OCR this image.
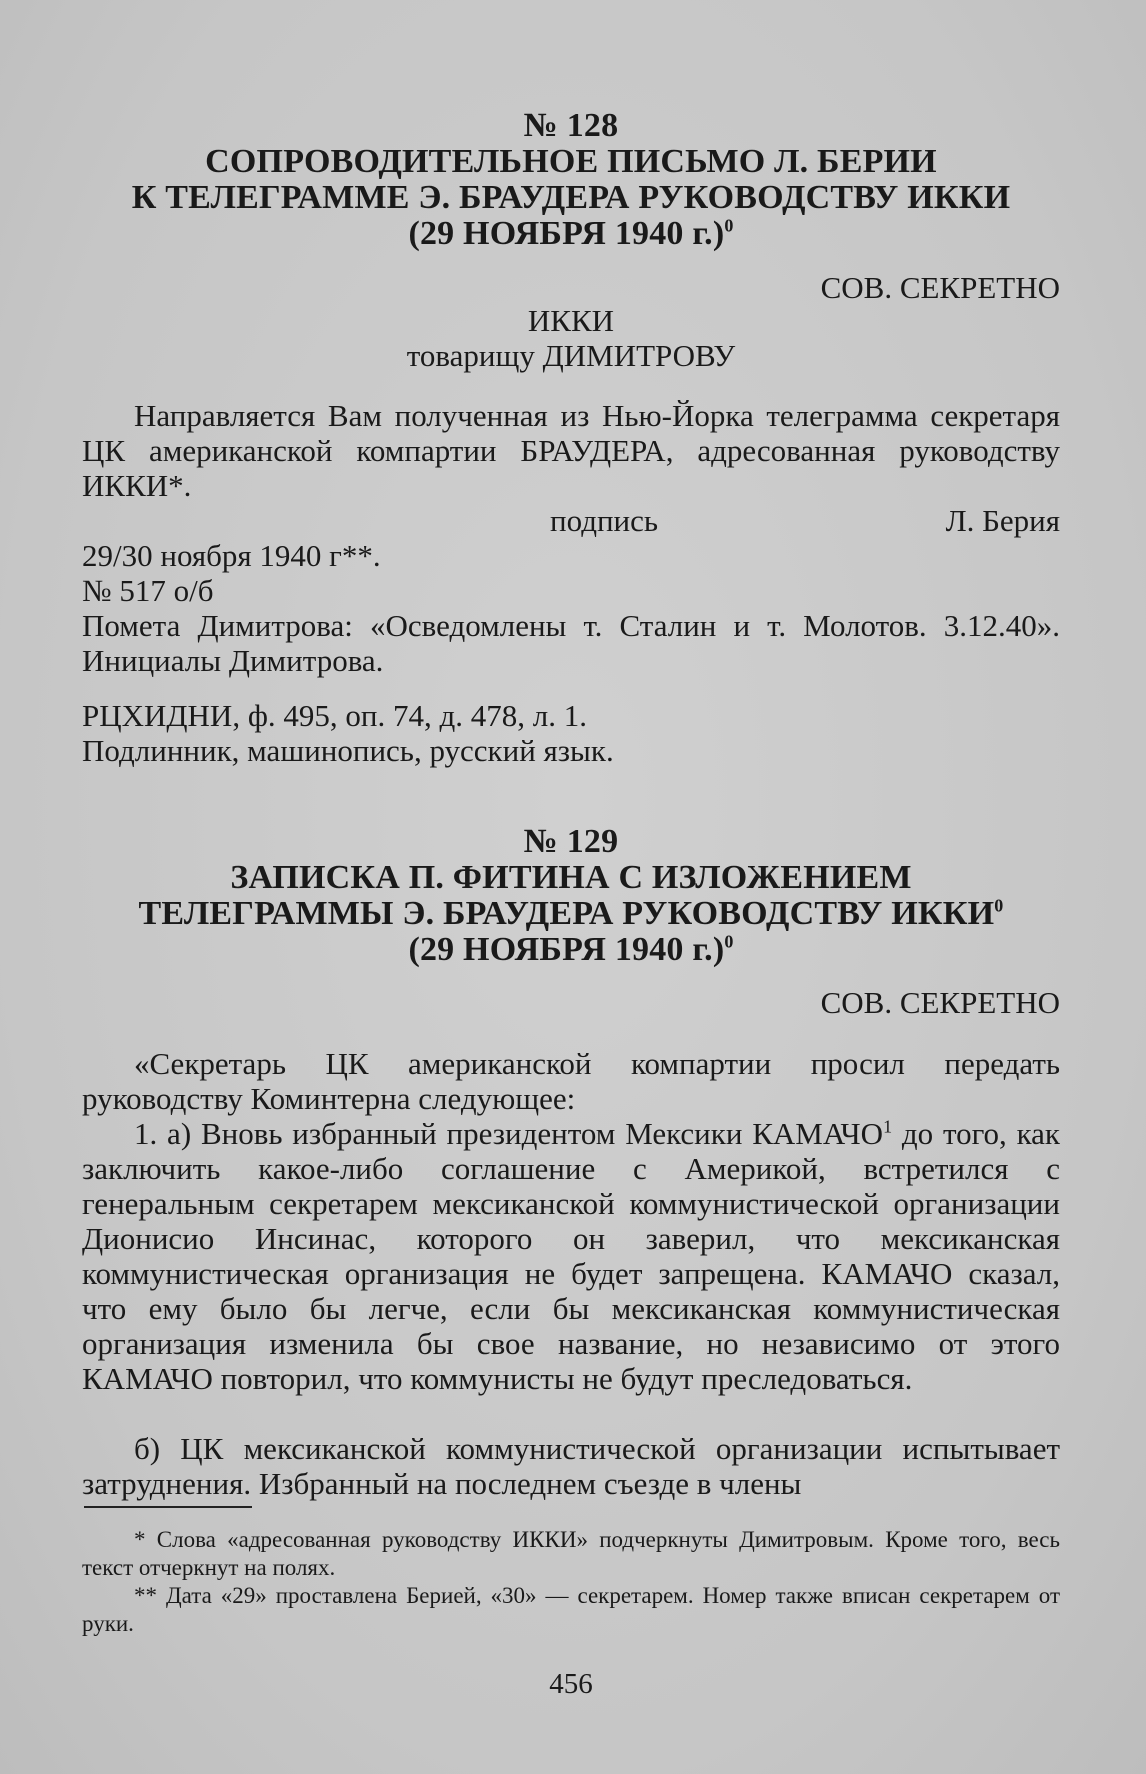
№ 128
СОПРОВОДИТЕЛЬНОЕ ПИСЬМО Л. БЕРИИ
К ТЕЛЕГРАММЕ Э. БРАУДЕРА РУКОВОДСТВУ ИККИ
(29 НОЯБРЯ 1940 г.)$^0$
СОВ. СЕКРЕТНО
ИККИ
товарищу ДИМИТРОВУ
Направляется Вам полученная из Нью-Йорка телеграмма секретаря ЦК американской компартии БРАУДЕРА, адресованная руководству ИККИ*.
подпись	Л. Берия
29/30 ноября 1940 г**.
№ 517 о/б
Помета Димитрова: «Осведомлены т. Сталин и т. Молотов. 3.12.40». Инициалы Димитрова.
РЦХИДНИ, ф. 495, оп. 74, д. 478, л. 1.
Подлинник, машинопись, русский язык.
№ 129
ЗАПИСКА П. ФИТИНА С ИЗЛОЖЕНИЕМ
ТЕЛЕГРАММЫ Э. БРАУДЕРА РУКОВОДСТВУ ИККИ$^0$
(29 НОЯБРЯ 1940 г.)$^0$
СОВ. СЕКРЕТНО
«Секретарь ЦК американской компартии просил передать руководству Коминтерна следующее:
1. а) Вновь избранный президентом Мексики КАМАЧО$^1$ до того, как заключить какое-либо соглашение с Америкой, встретился с генеральным секретарем мексиканской коммунистической организации Дионисио Инсинас, которого он заверил, что мексиканская коммунистическая организация не будет запрещена. КАМАЧО сказал, что ему было бы легче, если бы мексиканская коммунистическая организация изменила бы свое название, но независимо от этого КАМАЧО повторил, что коммунисты не будут преследоваться.
б) ЦК мексиканской коммунистической организации испытывает затруднения. Избранный на последнем съезде в члены
* Слова «адресованная руководству ИККИ» подчеркнуты Димитровым. Кроме того, весь текст отчеркнут на полях.
** Дата «29» проставлена Берией, «30» — секретарем. Номер также вписан секретарем от руки.
456
